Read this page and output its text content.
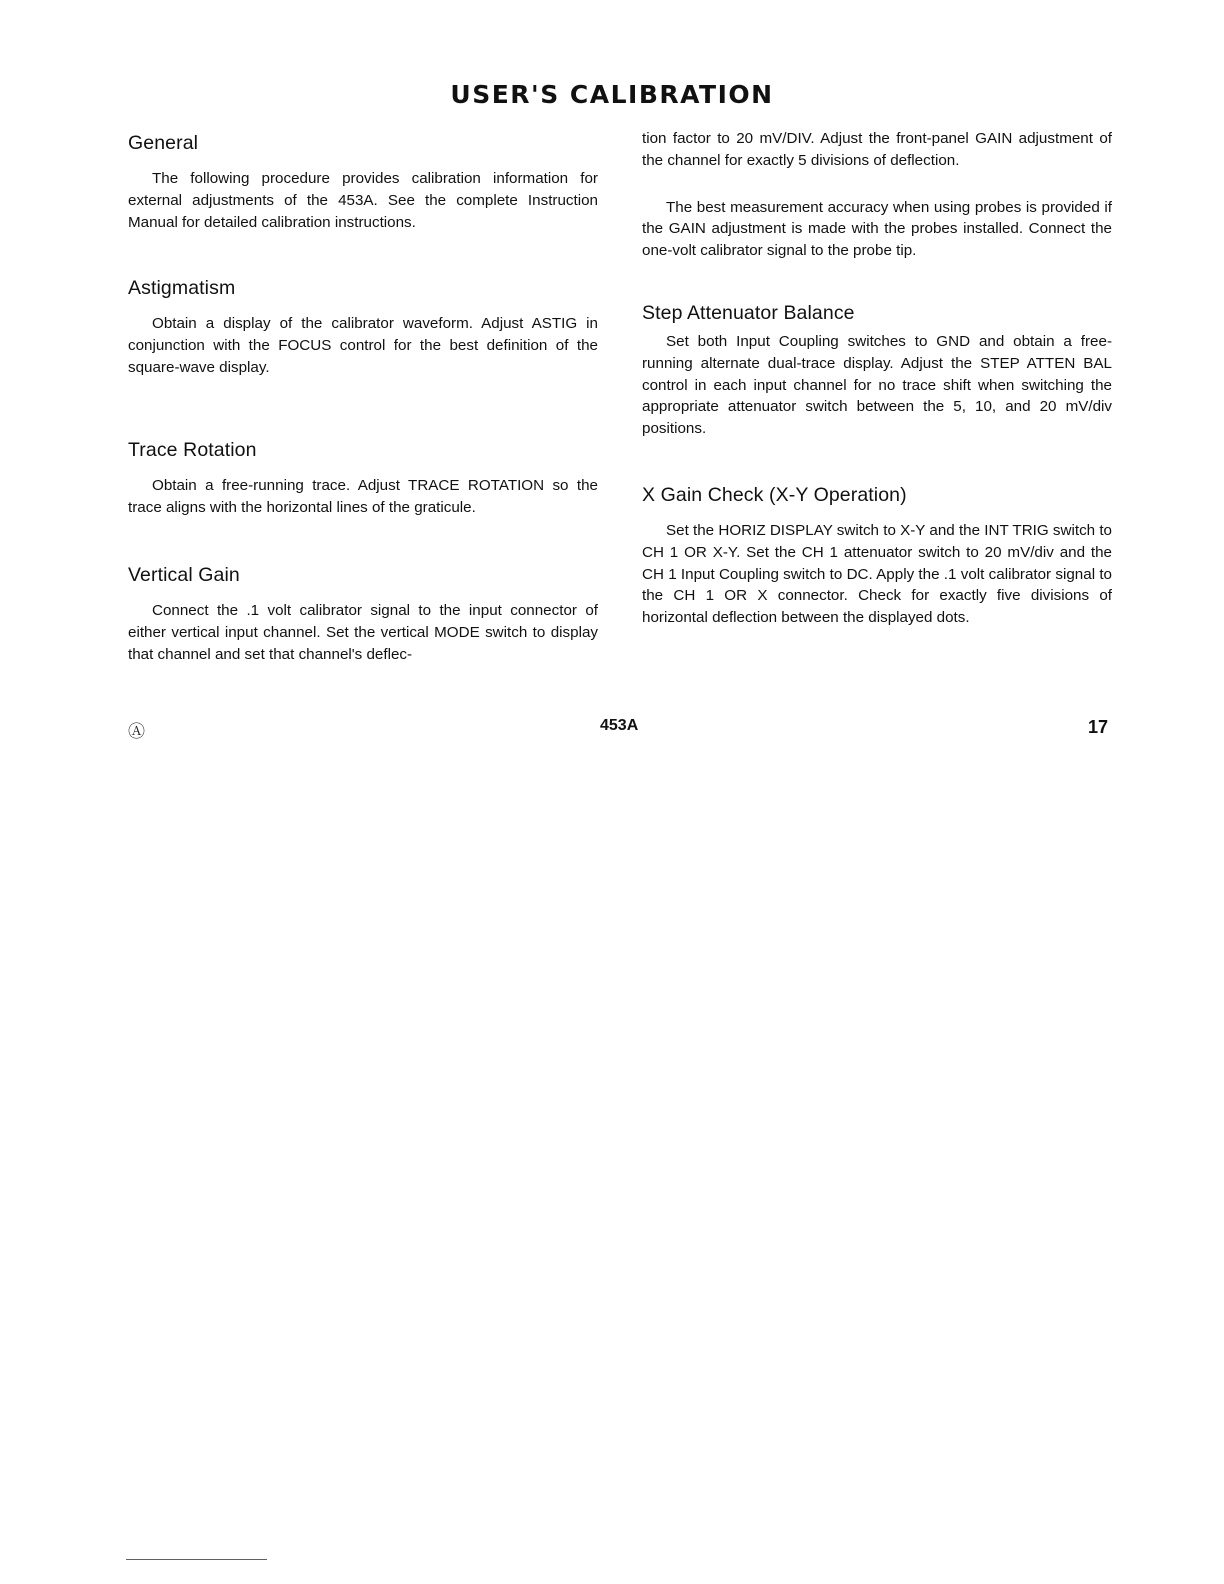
USER'S CALIBRATION
General

The following procedure provides calibration information for external adjustments of the 453A. See the complete Instruction Manual for detailed calibration instructions.

Astigmatism

Obtain a display of the calibrator waveform. Adjust ASTIG in conjunction with the FOCUS control for the best definition of the square-wave display.

Trace Rotation

Obtain a free-running trace. Adjust TRACE ROTATION so the trace aligns with the horizontal lines of the graticule.

Vertical Gain

Connect the .1 volt calibrator signal to the input connector of either vertical input channel. Set the vertical MODE switch to display that channel and set that channel's deflec-

tion factor to 20 mV/DIV. Adjust the front-panel GAIN adjustment of the channel for exactly 5 divisions of deflection.

The best measurement accuracy when using probes is provided if the GAIN adjustment is made with the probes installed. Connect the one-volt calibrator signal to the probe tip.

Step Attenuator Balance

Set both Input Coupling switches to GND and obtain a free-running alternate dual-trace display. Adjust the STEP ATTEN BAL control in each input channel for no trace shift when switching the appropriate attenuator switch between the 5, 10, and 20 mV/div positions.

X Gain Check (X-Y Operation)

Set the HORIZ DISPLAY switch to X-Y and the INT TRIG switch to CH 1 OR X-Y. Set the CH 1 attenuator switch to 20 mV/div and the CH 1 Input Coupling switch to DC. Apply the .1 volt calibrator signal to the CH 1 OR X connector. Check for exactly five divisions of horizontal deflection between the displayed dots.

Ⓐ	453A	17
